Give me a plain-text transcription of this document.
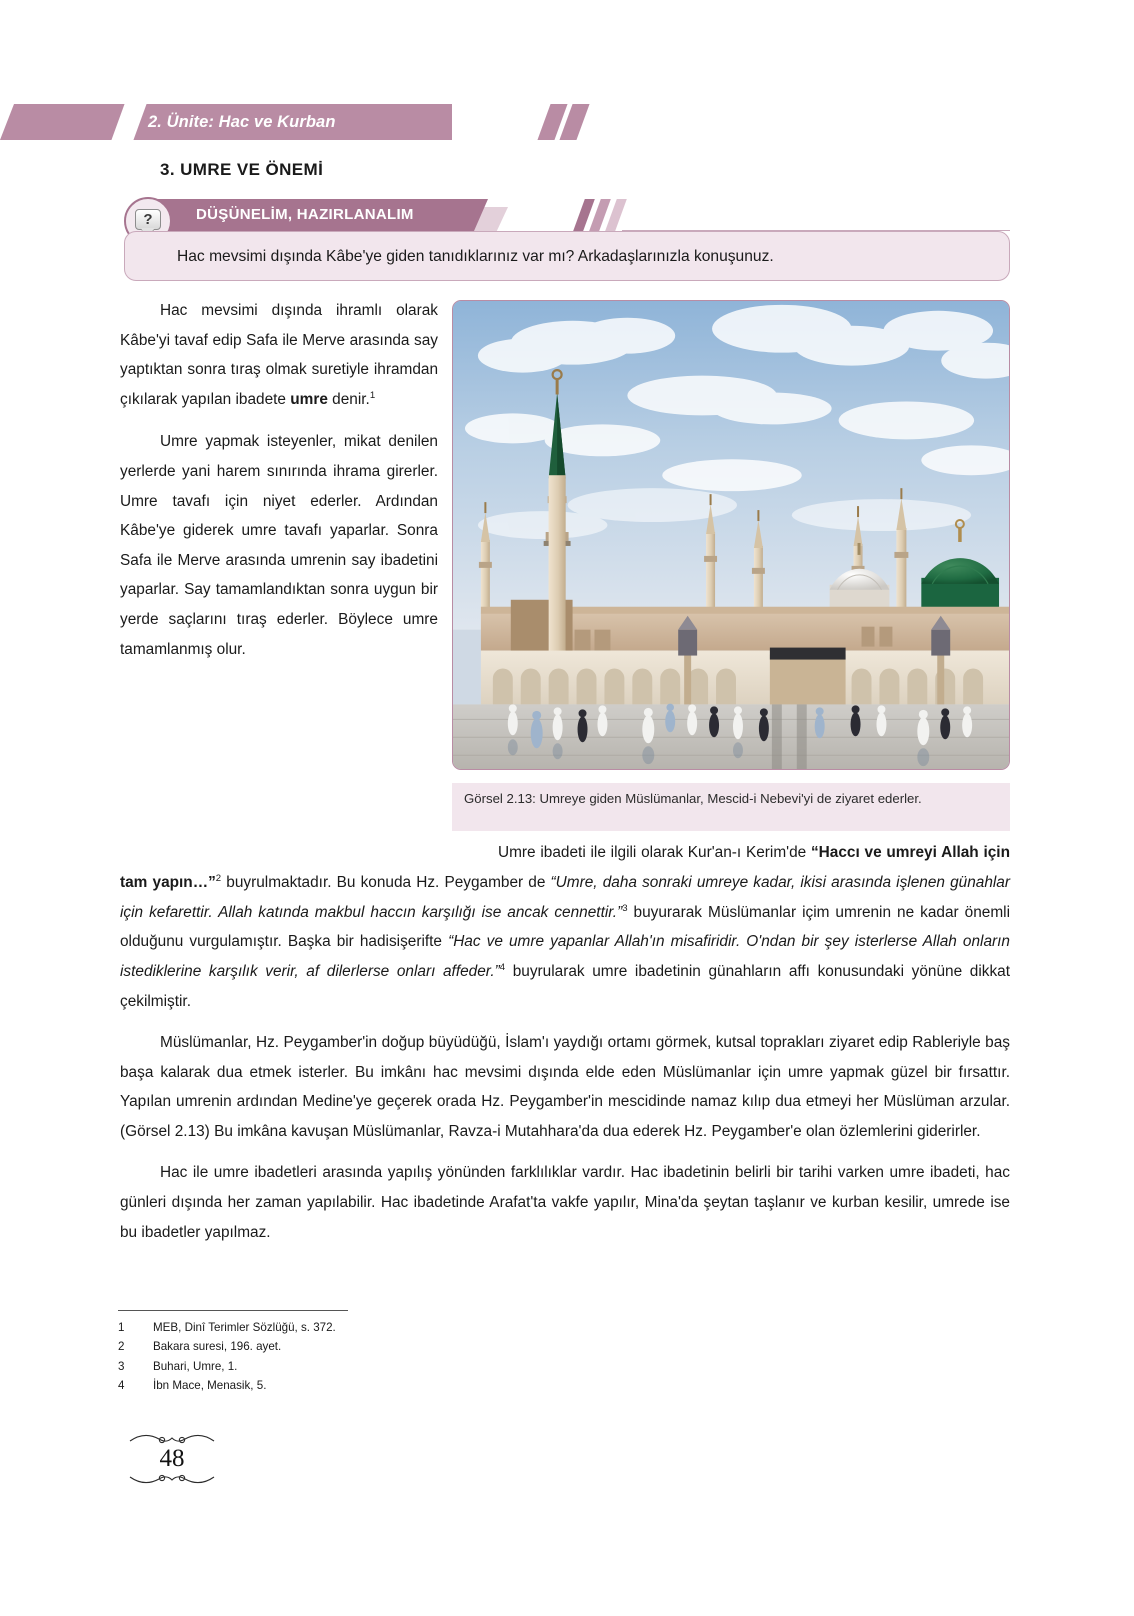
2. Ünite: Hac ve Kurban
3. UMRE VE ÖNEMİ
DÜŞÜNELİM, HAZIRLANALIM
?
Hac mevsimi dışında Kâbe'ye giden tanıdıklarınız var mı? Arkadaşlarınızla konuşunuz.

Hac mevsimi dışında ihramlı olarak Kâbe'yi tavaf edip Safa ile Merve arasında say yaptıktan sonra tıraş olmak suretiyle ihramdan çıkılarak yapılan ibadete umre denir.$^1$

Umre yapmak isteyenler, mikat denilen yerlerde yani harem sınırında ihrama girerler. Umre tavafı için niyet ederler. Ardından Kâbe'ye giderek umre tavafı yaparlar. Sonra Safa ile Merve arasında umrenin say ibadetini yaparlar. Say tamamlandıktan sonra uygun bir yerde saçlarını tıraş ederler. Böylece umre tamamlanmış olur.

Görsel 2.13: Umreye giden Müslümanlar, Mescid-i Nebevi'yi de ziyaret ederler.

Umre ibadeti ile ilgili olarak Kur'an-ı Kerim'de “Haccı ve umreyi Allah için tam yapın…”$^2$ buyrulmaktadır. Bu konuda Hz. Peygamber de “Umre, daha sonraki umreye kadar, ikisi arasında işlenen günahlar için kefarettir. Allah katında makbul haccın karşılığı ise ancak cennettir.”$^3$ buyurarak Müslümanlar içim umrenin ne kadar önemli olduğunu vurgulamıştır. Başka bir hadisişerifte “Hac ve umre yapanlar Allah'ın misafiridir. O'ndan bir şey isterlerse Allah onların istediklerine karşılık verir, af dilerlerse onları affeder.”$^4$ buyrularak umre ibadetinin günahların affı konusundaki yönüne dikkat çekilmiştir.

Müslümanlar, Hz. Peygamber'in doğup büyüdüğü, İslam'ı yaydığı ortamı görmek, kutsal toprakları ziyaret edip Rableriyle baş başa kalarak dua etmek isterler. Bu imkânı hac mevsimi dışında elde eden Müslümanlar için umre yapmak güzel bir fırsattır. Yapılan umrenin ardından Medine'ye geçerek orada Hz. Peygamber'in mescidinde namaz kılıp dua etmeyi her Müslüman arzular. (Görsel 2.13) Bu imkâna kavuşan Müslümanlar, Ravza-i Mutahhara'da dua ederek Hz. Peygamber'e olan özlemlerini giderirler.

Hac ile umre ibadetleri arasında yapılış yönünden farklılıklar vardır. Hac ibadetinin belirli bir tarihi varken umre ibadeti, hac günleri dışında her zaman yapılabilir. Hac ibadetinde Arafat'ta vakfe yapılır, Mina'da şeytan taşlanır ve kurban kesilir, umrede ise bu ibadetler yapılmaz.

1	MEB, Dinî Terimler Sözlüğü, s. 372.
2	Bakara suresi, 196. ayet.
3	Buhari, Umre, 1.
4	İbn Mace, Menasik, 5.
48
